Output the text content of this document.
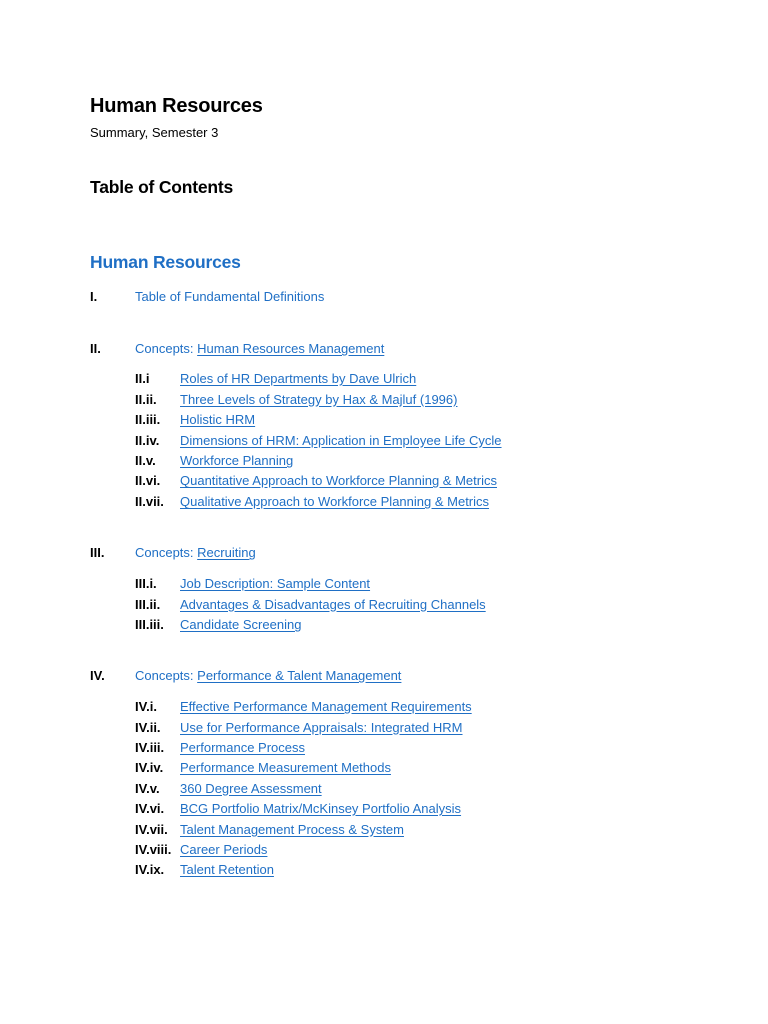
Human Resources
Summary, Semester 3
Table of Contents
Human Resources
I.	Table of Fundamental Definitions
II.	Concepts: Human Resources Management
II.i Roles of HR Departments by Dave Ulrich
II.ii. Three Levels of Strategy by Hax & Majluf (1996)
II.iii. Holistic HRM
II.iv. Dimensions of HRM: Application in Employee Life Cycle
II.v. Workforce Planning
II.vi. Quantitative Approach to Workforce Planning & Metrics
II.vii. Qualitative Approach to Workforce Planning & Metrics
III. Concepts: Recruiting
III.i. Job Description: Sample Content
III.ii. Advantages & Disadvantages of Recruiting Channels
III.iii. Candidate Screening
IV. Concepts: Performance & Talent Management
IV.i. Effective Performance Management Requirements
IV.ii. Use for Performance Appraisals: Integrated HRM
IV.iii. Performance Process
IV.iv. Performance Measurement Methods
IV.v. 360 Degree Assessment
IV.vi. BCG Portfolio Matrix/McKinsey Portfolio Analysis
IV.vii. Talent Management Process & System
IV.viii. Career Periods
IV.ix. Talent Retention
